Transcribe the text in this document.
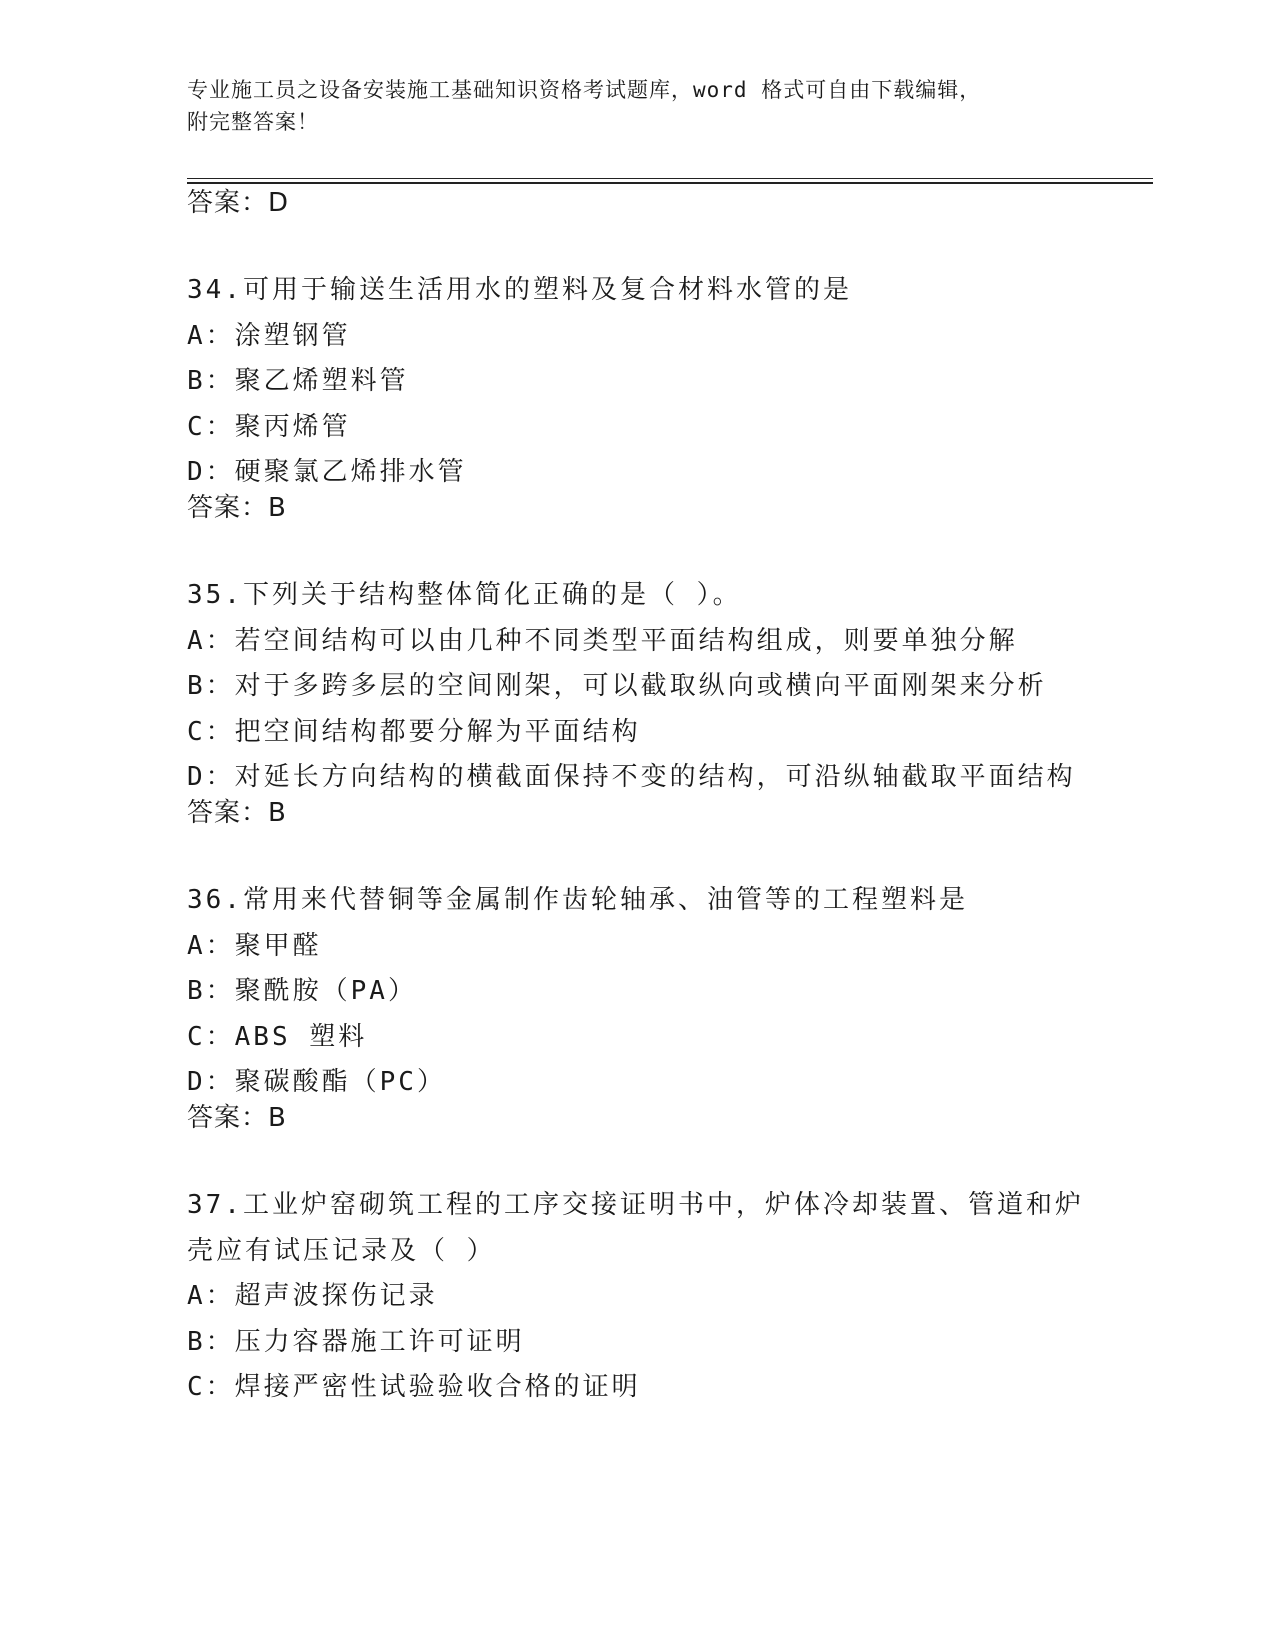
专业施工员之设备安装施工基础知识资格考试题库，word 格式可自由下载编辑，
附完整答案！
答案：D
34.可用于输送生活用水的塑料及复合材料水管的是
A：涂塑钢管
B：聚乙烯塑料管
C：聚丙烯管
D：硬聚氯乙烯排水管
答案：B
35.下列关于结构整体简化正确的是（ ）。
A：若空间结构可以由几种不同类型平面结构组成，则要单独分解
B：对于多跨多层的空间刚架，可以截取纵向或横向平面刚架来分析
C：把空间结构都要分解为平面结构
D：对延长方向结构的横截面保持不变的结构，可沿纵轴截取平面结构
答案：B
36.常用来代替铜等金属制作齿轮轴承、油管等的工程塑料是
A：聚甲醛
B：聚酰胺（PA）
C：ABS 塑料
D：聚碳酸酯（PC）
答案：B
37.工业炉窑砌筑工程的工序交接证明书中，炉体冷却装置、管道和炉
壳应有试压记录及（ ）
A：超声波探伤记录
B：压力容器施工许可证明
C：焊接严密性试验验收合格的证明
